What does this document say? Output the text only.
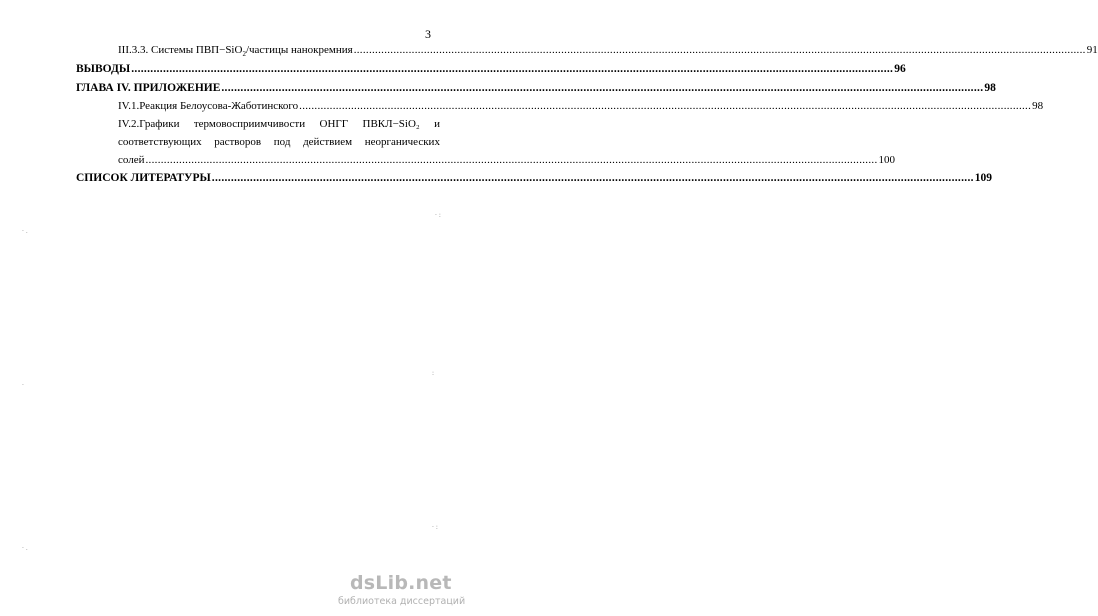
3
III.3.3. Системы ПВП−SiO$_2$/частицы нанокремния .....	91
ВЫВОДЫ .....	96
ГЛАВА IV. ПРИЛОЖЕНИЕ .....	98
IV.1.Реакция Белоусова-Жаботинского .....	98
IV.2.Графики термовосприимчивости ОНГГ ПВКЛ−SiO₂ и
соответствующих растворов под действием неорганических
солей .....	100
СПИСОК ЛИТЕРАТУРЫ .....	109
· :
· .
:
·
· :
· .
dsLib.net
библиотека диссертаций
